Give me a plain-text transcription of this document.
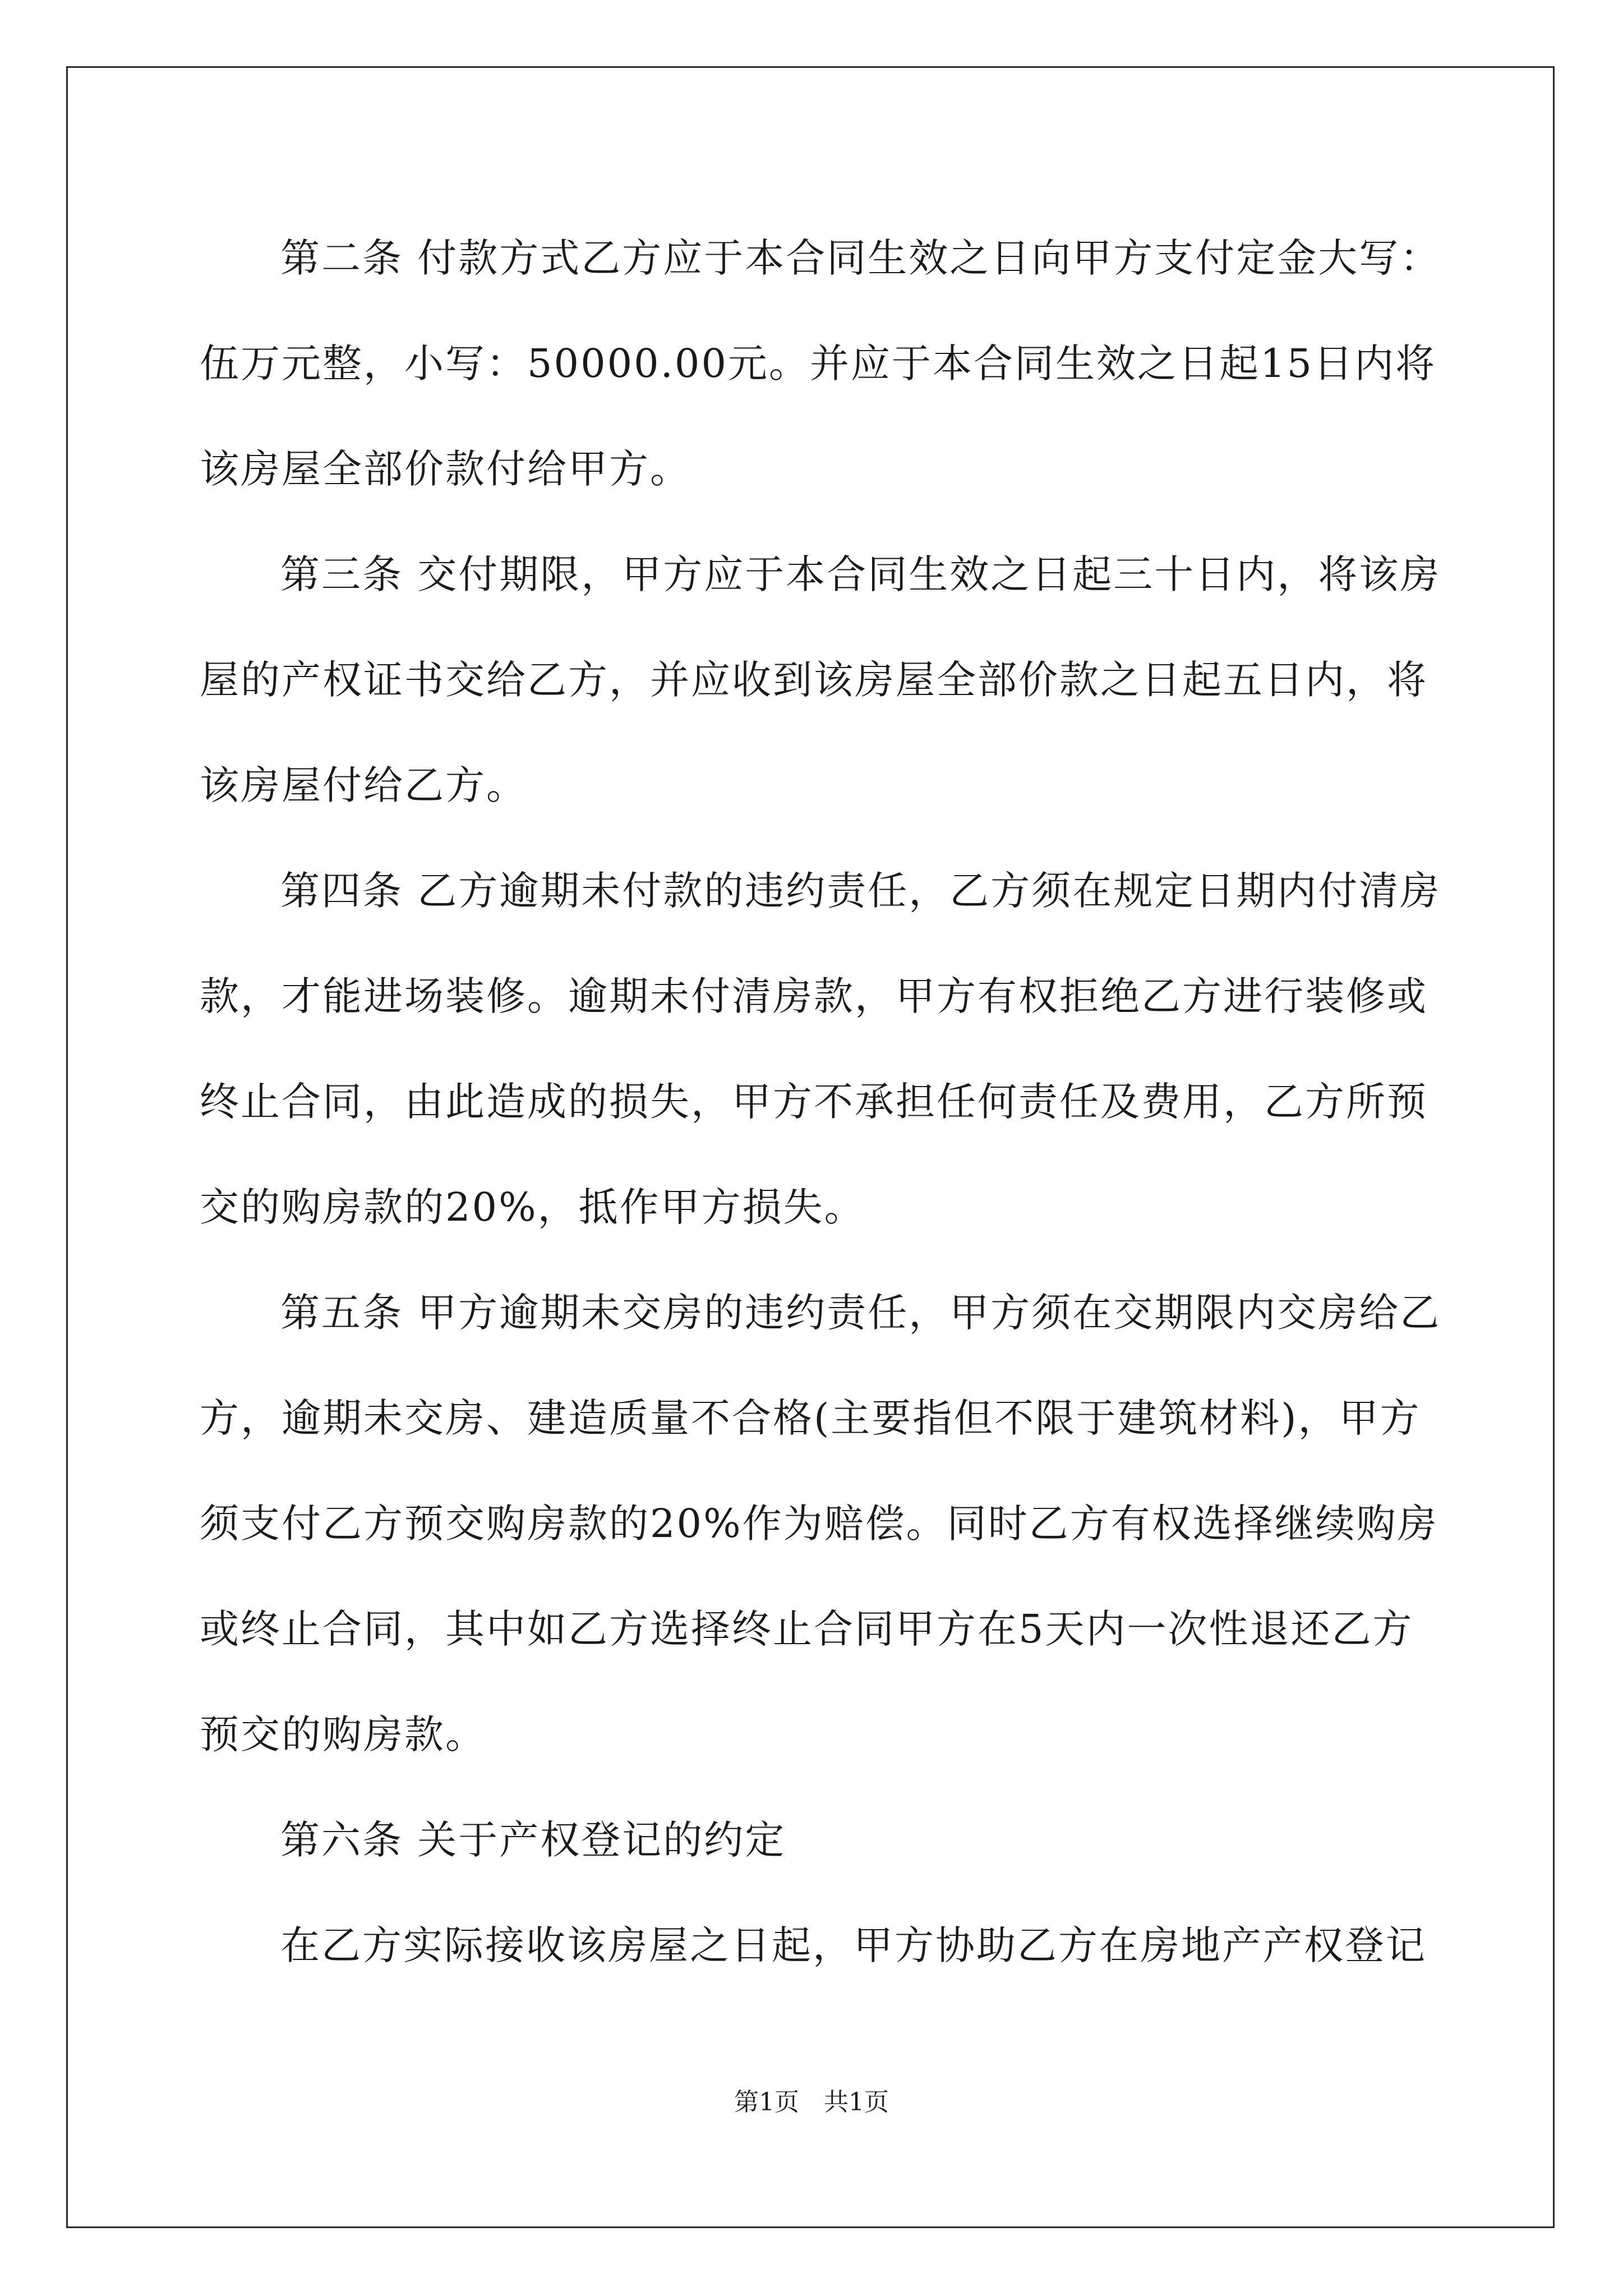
第二条 付款方式乙方应于本合同生效之日向甲方支付定金大写：
伍万元整，小写：50000.00元。并应于本合同生效之日起15日内将
该房屋全部价款付给甲方。
第三条 交付期限，甲方应于本合同生效之日起三十日内，将该房
屋的产权证书交给乙方，并应收到该房屋全部价款之日起五日内，将
该房屋付给乙方。
第四条 乙方逾期未付款的违约责任，乙方须在规定日期内付清房
款，才能进场装修。逾期未付清房款，甲方有权拒绝乙方进行装修或
终止合同，由此造成的损失，甲方不承担任何责任及费用，乙方所预
交的购房款的20%，抵作甲方损失。
第五条 甲方逾期未交房的违约责任，甲方须在交期限内交房给乙
方，逾期未交房、建造质量不合格(主要指但不限于建筑材料)，甲方
须支付乙方预交购房款的20%作为赔偿。同时乙方有权选择继续购房
或终止合同，其中如乙方选择终止合同甲方在5天内一次性退还乙方
预交的购房款。
第六条 关于产权登记的约定
在乙方实际接收该房屋之日起，甲方协助乙方在房地产产权登记
第1页　共1页
